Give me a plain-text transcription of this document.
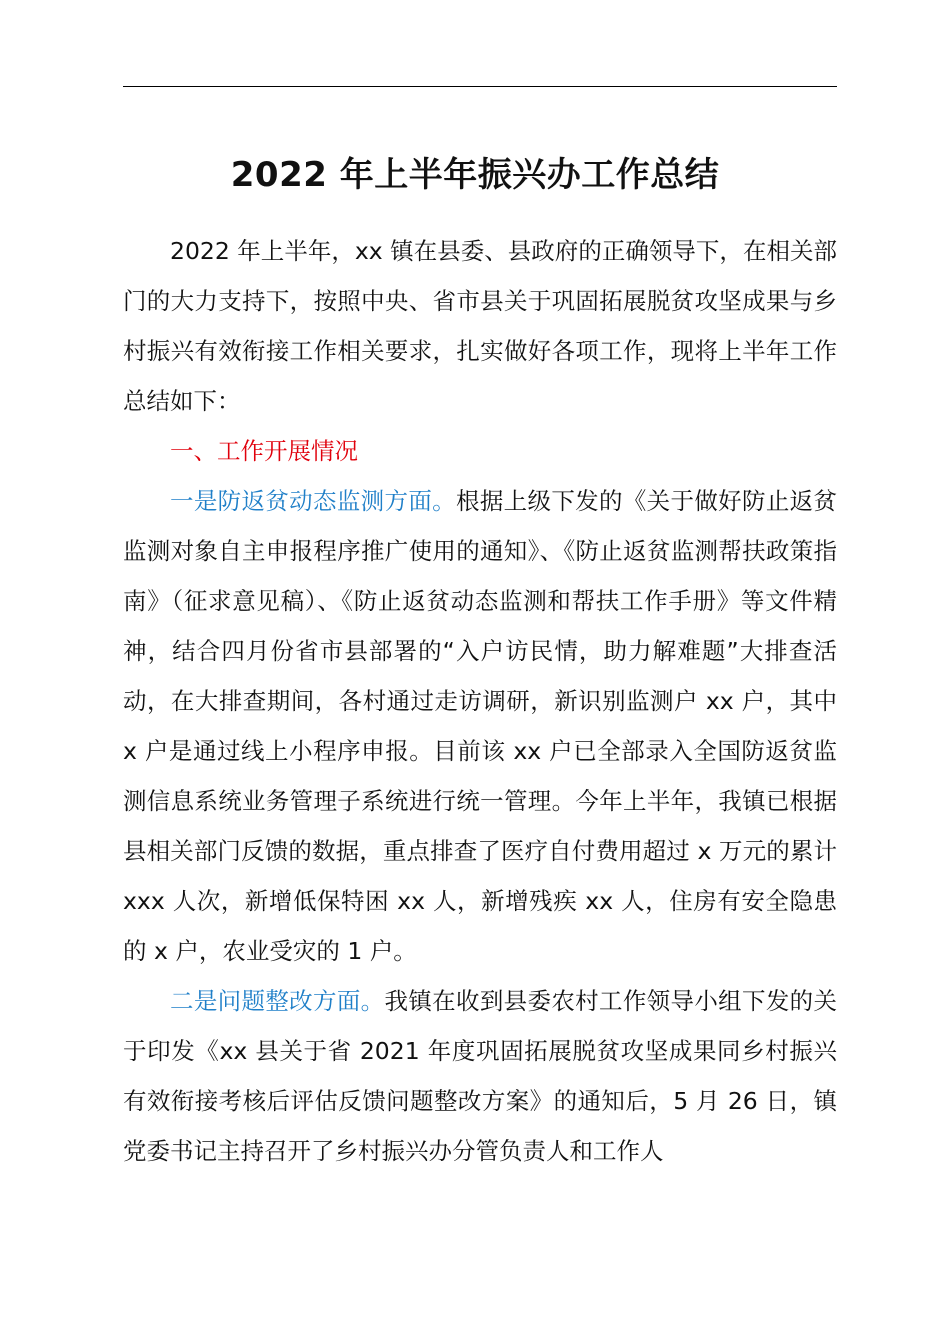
2022 年上半年振兴办工作总结

2022 年上半年，xx 镇在县委、县政府的正确领导下，在相关部门的大力支持下，按照中央、省市县关于巩固拓展脱贫攻坚成果与乡村振兴有效衔接工作相关要求，扎实做好各项工作，现将上半年工作总结如下：

一、工作开展情况

一是防返贫动态监测方面。根据上级下发的《关于做好防止返贫监测对象自主申报程序推广使用的通知》、《防止返贫监测帮扶政策指南》（征求意见稿）、《防止返贫动态监测和帮扶工作手册》等文件精神，结合四月份省市县部署的“入户访民情，助力解难题”大排查活动，在大排查期间，各村通过走访调研，新识别监测户 xx 户，其中 x 户是通过线上小程序申报。目前该 xx 户已全部录入全国防返贫监测信息系统业务管理子系统进行统一管理。今年上半年，我镇已根据县相关部门反馈的数据，重点排查了医疗自付费用超过 x 万元的累计 xxx 人次，新增低保特困 xx 人，新增残疾 xx 人，住房有安全隐患的 x 户，农业受灾的 1 户。

二是问题整改方面。我镇在收到县委农村工作领导小组下发的关于印发《xx 县关于省 2021 年度巩固拓展脱贫攻坚成果同乡村振兴有效衔接考核后评估反馈问题整改方案》的通知后，5 月 26 日，镇党委书记主持召开了乡村振兴办分管负责人和工作人
